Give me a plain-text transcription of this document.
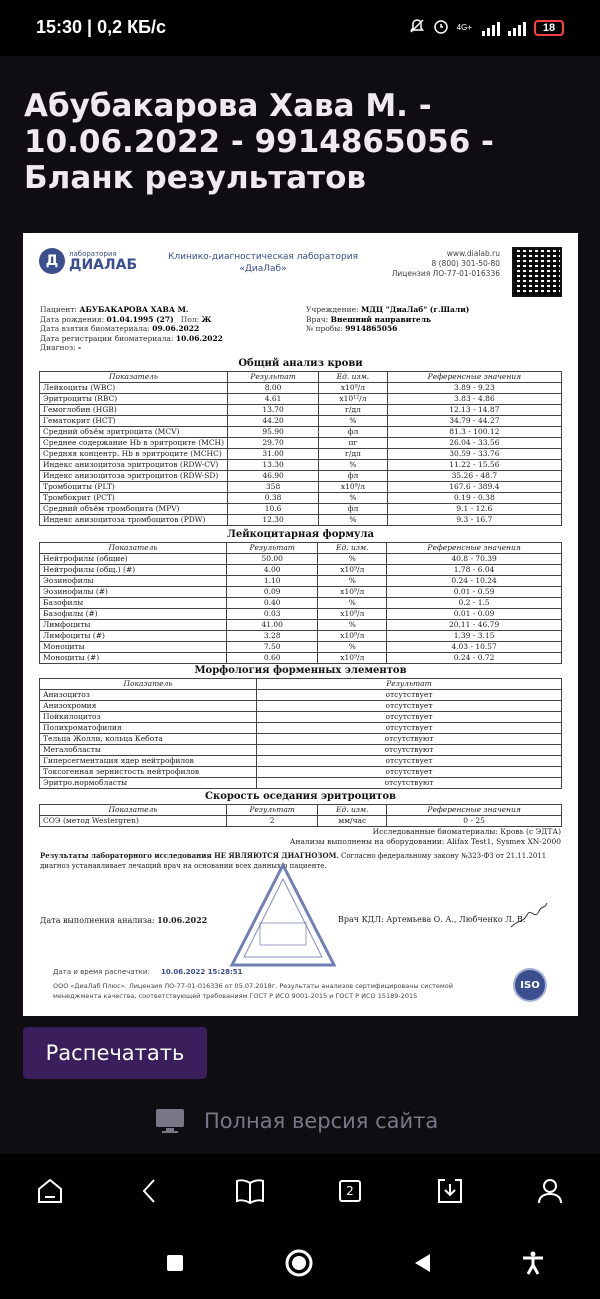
15:30 | 0,2 КБ/с	4G+	18
Абубакарова Хава М. - 10.06.2022 - 9914865056 - Бланк результатов
Д	лаборатория
ДИАЛАБ	Клинико-диагностическая лаборатория
«ДиаЛаб»
www.dialab.ru
8 (800) 301-50-80
Лицензия ЛО-77-01-016336
Пациент: АБУБАКАРОВА ХАВА М.
Дата рождения: 01.04.1995 (27) Пол: Ж
Дата взятия биоматериала: 09.06.2022
Дата регистрации биоматериала: 10.06.2022
Диагноз: -
Учреждение: МДЦ "ДиаЛаб" (г.Шали)
Врач: Внешний направитель
№ пробы: 9914865056
Общий анализ крови
Показатель	Результат	Ед. изм.	Референсные значения
Лейкоциты (WBC)	8.00	x10⁹/л	3.89 - 9.23
Эритроциты (RBC)	4.61	x10¹²/л	3.83 - 4.86
Гемоглобин (HGB)	13.70	г/дл	12.13 - 14.87
Гематокрит (HCT)	44.20	%	34.79 - 44.27
Средний объём эритроцита (MCV)	95.90	фл	81.3 - 100.12
Среднее содержание Hb в эритроците (MCH)	29.70	пг	26.04 - 33.56
Средняя концентр. Hb в эритроците (MCHC)	31.00	г/дл	30.59 - 33.76
Индекс анизоцитоза эритроцитов (RDW-CV)	13.30	%	11.22 - 15.56
Индекс анизоцитоза эритроцитов (RDW-SD)	46.90	фл	35.26 - 48.7
Тромбоциты (PLT)	358	x10⁹/л	167.6 - 389.4
Тромбокрит (PCT)	0.38	%	0.19 - 0.38
Средний объём тромбоцита (MPV)	10.6	фл	9.1 - 12.6
Индекс анизоцитоза тромбоцитов (PDW)	12.30	%	9.3 - 16.7
Лейкоцитарная формула
Показатель	Результат	Ед. изм.	Референсные значения
Нейтрофилы (общие)	50.00	%	40.8 - 70.39
Нейтрофилы (общ.) (#)	4.00	x10⁹/л	1.78 - 6.04
Эозинофилы	1.10	%	0.24 - 10.24
Эозинофилы (#)	0.09	x10⁹/л	0.01 - 0.59
Базофилы	0.40	%	0.2 - 1.5
Базофилы (#)	0.03	x10⁹/л	0.01 - 0.09
Лимфоциты	41.00	%	20.11 - 46.79
Лимфоциты (#)	3.28	x10⁹/л	1.39 - 3.15
Моноциты	7.50	%	4.03 - 10.57
Моноциты (#)	0.60	x10⁹/л	0.24 - 0.72
Морфология форменных элементов
Показатель	Результат
Анизоцитоз	отсутствует
Анизохромия	отсутствует
Пойкилоцитоз	отсутствует
Полихроматофилия	отсутствует
Тельца Жолли, кольца Кебота	отсутствуют
Мегалобласты	отсутствуют
Гиперсегментация ядер нейтрофилов	отсутствует
Токсогенная зернистость нейтрофилов	отсутствует
Эритро.нормобласты	отсутствуют
Скорость оседания эритроцитов
Показатель	Результат	Ед. изм.	Референсные значения
СОЭ (метод Westergren)	2	мм/час	0 - 25
Исследованные биоматериалы: Кровь (с ЭДТА)
Анализы выполнены на оборудовании: Alifax Test1, Sysmex XN-2000
Результаты лабораторного исследования НЕ ЯВЛЯЮТСЯ ДИАГНОЗОМ. Согласно федеральному закону №323-ФЗ от 21.11.2011 диагноз устанавливает лечащий врач на основании всех данных о пациенте.
Дата выполнения анализа: 10.06.2022	Врач КДЛ: Артемьева О. А., Любченко Л. В.
Дата и время распечатки: 10.06.2022 15:28:51
ООО «ДиаЛаб Плюс». Лицензия ЛО-77-01-016336 от 05.07.2018г. Результаты анализов сертифицированы системой менеджмента качества, соответствующей требованиям ГОСТ Р ИСО 9001-2015 и ГОСТ Р ИСО 15189-2015
ISO
Распечатать
Полная версия сайта
2
